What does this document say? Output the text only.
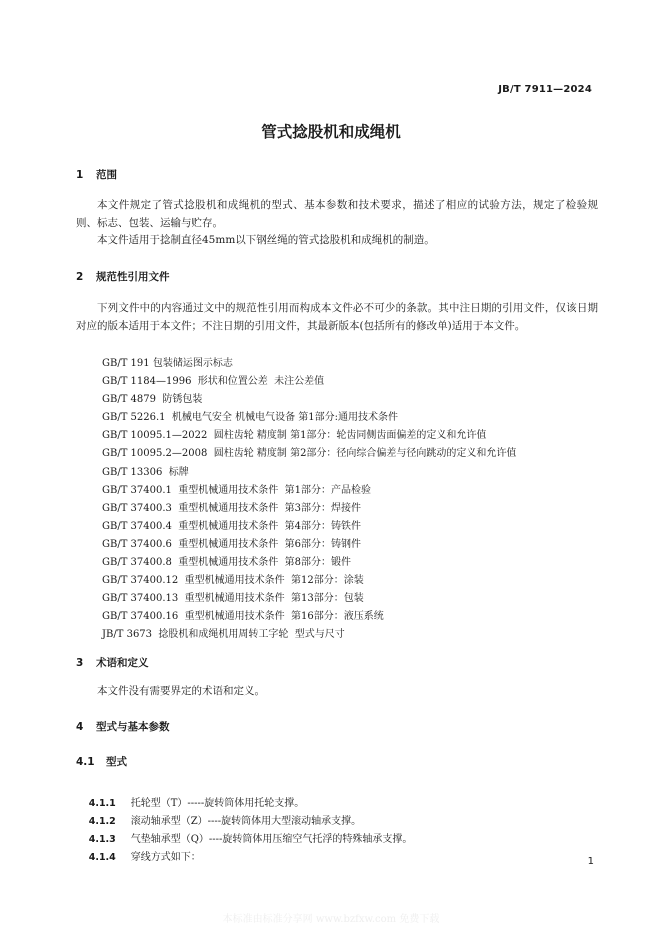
JB/T 7911—2024
管式捻股机和成绳机
1 范围
本文件规定了管式捻股机和成绳机的型式、基本参数和技术要求，描述了相应的试验方法，规定了检验规则、标志、包装、运输与贮存。
本文件适用于捻制直径45mm以下钢丝绳的管式捻股机和成绳机的制造。
2 规范性引用文件
下列文件中的内容通过文中的规范性引用而构成本文件必不可少的条款。其中注日期的引用文件，仅该日期对应的版本适用于本文件；不注日期的引用文件，其最新版本(包括所有的修改单)适用于本文件。
GB/T 191 包装储运图示标志
GB/T 1184—1996  形状和位置公差  未注公差值
GB/T 4879  防锈包装
GB/T 5226.1  机械电气安全 机械电气设备 第1部分:通用技术条件
GB/T 10095.1—2022  圆柱齿轮 精度制 第1部分：轮齿同侧齿面偏差的定义和允许值
GB/T 10095.2—2008  圆柱齿轮 精度制 第2部分：径向综合偏差与径向跳动的定义和允许值
GB/T 13306  标牌
GB/T 37400.1  重型机械通用技术条件  第1部分：产品检验
GB/T 37400.3  重型机械通用技术条件  第3部分：焊接件
GB/T 37400.4  重型机械通用技术条件  第4部分：铸铁件
GB/T 37400.6  重型机械通用技术条件  第6部分：铸钢件
GB/T 37400.8  重型机械通用技术条件  第8部分：锻件
GB/T 37400.12  重型机械通用技术条件  第12部分：涂装
GB/T 37400.13  重型机械通用技术条件  第13部分：包装
GB/T 37400.16  重型机械通用技术条件  第16部分：液压系统
JB/T 3673  捻股机和成绳机用周转工字轮  型式与尺寸
3 术语和定义
本文件没有需要界定的术语和定义。
4 型式与基本参数
4.1 型式

4.1.1 托轮型（T）-----旋转筒体用托轮支撑。

4.1.2 滚动轴承型（Z）----旋转筒体用大型滚动轴承支撑。

4.1.3 气垫轴承型（Q）----旋转筒体用压缩空气托浮的特殊轴承支撑。

4.1.4 穿线方式如下：
	1
本标准由标准分享网 www.bzfxw.com 免费下载
